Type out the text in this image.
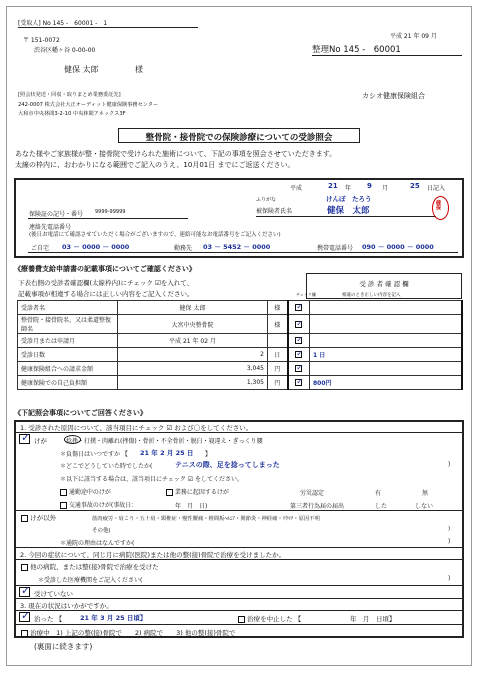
[受取人] No 145 -　60001 -　1
〒 151-0072
渋谷区幡ヶ谷 0-00-00
健保 太郎	様
平成 21 年 09 月
整理No 145 -　60001
[照会状発送・回収・取りまとめ業務委託先]
242-0007 株式会社大正オーディット健康保険事務センター
大和市中央林間3-2-10 中央林間アネックス3F
カシオ健康保険組合
整骨院・接骨院での保険診療についての受診照会
あなた様やご家族様が整・接骨院で受けられた施術について、下記の事項を照会させていただきます。
太線の枠内に、おわかりになる範囲でご記入のうえ、10月01日 までにご返送ください。
平成	21 年 9 月	25 日記入
保険証の記号・番号 9999-99999
ふりがな	けんぽ　たろう
被保険者氏名	健保　太郎
健保
連絡先電話番号
(後日お電話にて確認させていただく場合がございますので、連絡可能なお電話番号をご記入ください)
ご自宅 03 － 0000 － 0000	勤務先 03 － 5452 － 0000	携帯電話番号 090 － 0000 － 0000
《療養費支給申請書の記載事項についてご確認ください》
下表右側の受診者確認欄(太線枠内)にチェック ☑を入れて、
記載事項が相違する場合には正しい内容をご記入ください。
受 診 者 確 認 欄
チェック欄	相違のとき正しい内容を記入
受診者名	健保 太郎	様	✓	
整骨院・接骨院名、又は柔道整復師名	大宮中央整骨院	様	✓	
受診月または申請月	平成 21 年 02 月		✓	
受診日数	2	日	✓	1 日
健康保険組合への請求金額	3,045	円	✓	
健康保険での自己負担額	1,305	円	✓	800円
《下記照会事項についてご回答ください》
1. 受診された原因について、該当項目にチェック ☑ および〇をしてください。
✓
けが	捻挫・打撲・肉離れ(挫傷)・骨折・不全骨折・脱臼・寝違え・ぎっくり腰
＊負傷日はいつですか 【 21 年 2 月 25 日 】
＊どこでどうしていた時でしたか(	テニスの際、足を捻ってしまった	)
＊以下に該当する場合は、該当項目にチェック ☑ をしてください。
通勤途中のけが	業務に起因するけが	労災認定	有	無
交通事故のけが(事故日：	年　月　日)	第三者行為届の届出	した	しない
けが以外	筋肉疲労・肩こり・五十肩・頸椎症・慢性腰痛・椎間板ﾍﾙﾆｱ・関節炎・神経痛・ﾘｳﾏﾁ・原因不明
その他(	)
＊通院の理由はなんですか(	)
2. 今回の症状について、同じ月に病院(医院)または他の整(接)骨院で治療を受けましたか。
他の病院、または整(接)骨院で治療を受けた
＊受診した医療機関をご記入ください(	)
✓
受けていない
3. 現在の状況はいかがですか。
✓
治った 【	21 年 3 月 25 日頃】	治療を中止した 【	年　月　日頃】
治療中　1) 上記の整(接)骨院で　　2) 病院で　　3) 他の整(接)骨院で
(裏面に続きます)
